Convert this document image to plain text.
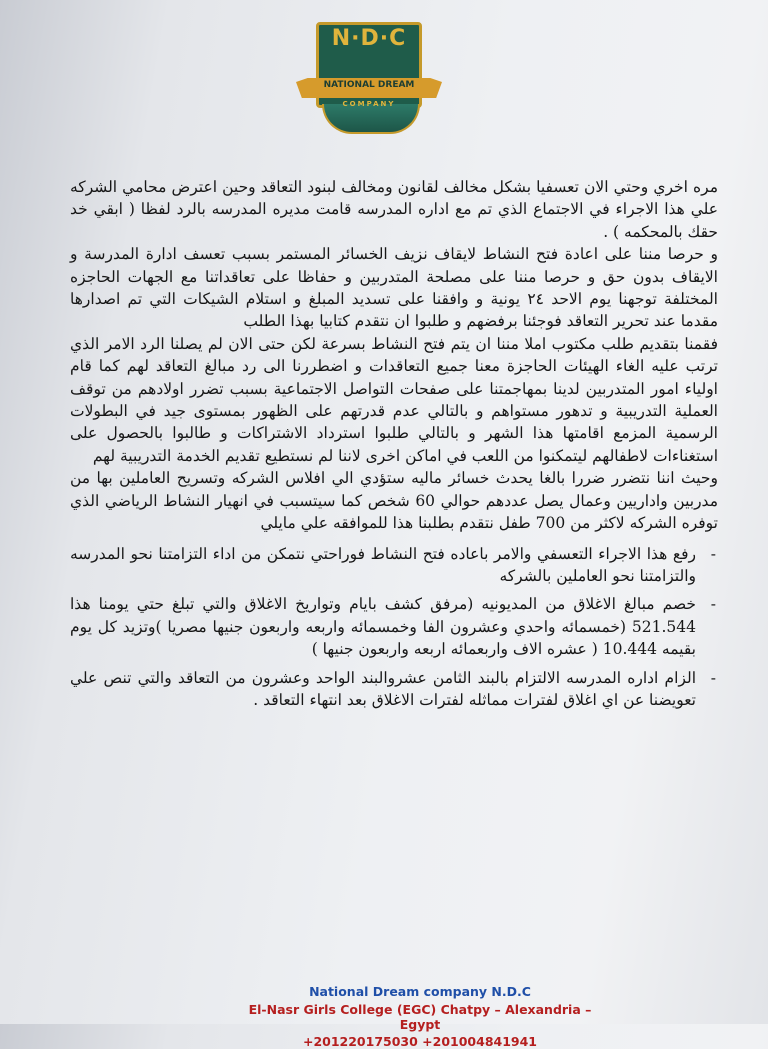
N·D·C
NATIONAL DREAM
COMPANY

مره اخري وحتي الان تعسفيا بشكل مخالف لقانون ومخالف لبنود التعاقد وحين اعترض محامي الشركه علي هذا الاجراء في الاجتماع الذي تم مع اداره المدرسه قامت مديره المدرسه بالرد لفظا ( ابقي خد حقك بالمحكمه ) .

و حرصا مننا على اعادة فتح النشاط لايقاف نزيف الخسائر المستمر بسبب تعسف ادارة المدرسة و الايقاف بدون حق و حرصا مننا على مصلحة المتدربين و حفاظا على تعاقداتنا مع الجهات الحاجزه المختلفة توجهنا يوم الاحد ٢٤ يونية و وافقنا على تسديد المبلغ و استلام الشيكات التي تم اصدارها مقدما عند تحرير التعاقد فوجئنا برفضهم و طلبوا ان نتقدم كتابيا بهذا الطلب

فقمنا بتقديم طلب مكتوب املا مننا ان يتم فتح النشاط بسرعة لكن حتى الان لم يصلنا الرد الامر الذي ترتب عليه الغاء الهيئات الحاجزة معنا جميع التعاقدات و اضطررنا الى رد مبالغ التعاقد لهم كما قام اولياء امور المتدربين لدينا بمهاجمتنا على صفحات التواصل الاجتماعية بسبب تضرر اولادهم من توقف العملية التدريبية و تدهور مستواهم و بالتالي عدم قدرتهم على الظهور بمستوى جيد في البطولات الرسمية المزمع اقامتها هذا الشهر و بالتالي طلبوا استرداد الاشتراكات و طالبوا بالحصول على استغناءات لاطفالهم ليتمكنوا من اللعب في اماكن اخرى لاننا لم نستطيع تقديم الخدمة التدريبية لهم

وحيث اننا نتضرر ضررا بالغا يحدث خسائر ماليه ستؤدي الي افلاس الشركه وتسريح العاملين بها من مدربين واداريين وعمال يصل عددهم حوالي 60 شخص كما سيتسبب في انهيار النشاط الرياضي الذي توفره الشركه لاكثر من 700 طفل نتقدم بطلبنا هذا للموافقه علي مايلي

- رفع هذا الاجراء التعسفي والامر باعاده فتح النشاط فوراحتي نتمكن من اداء التزامتنا نحو المدرسه والتزامتنا نحو العاملين بالشركه
- خصم مبالغ الاغلاق من المديونيه (مرفق كشف بايام وتواريخ الاغلاق والتي تبلغ حتي يومنا هذا 521.544 (خمسمائه واحدي وعشرون الفا وخمسمائه واربعه واربعون جنيها مصريا )وتزيد كل يوم بقيمه 10.444 ( عشره الاف واربعمائه اربعه واربعون جنيها )
- الزام اداره المدرسه الالتزام بالبند الثامن عشروالبند الواحد وعشرون من التعاقد والتي تنص علي تعويضنا عن اي اغلاق لفترات مماثله لفترات الاغلاق بعد انتهاء التعاقد .
National Dream company N.D.C
El-Nasr Girls College (EGC) Chatpy – Alexandria – Egypt
+201220175030 +201004841941
